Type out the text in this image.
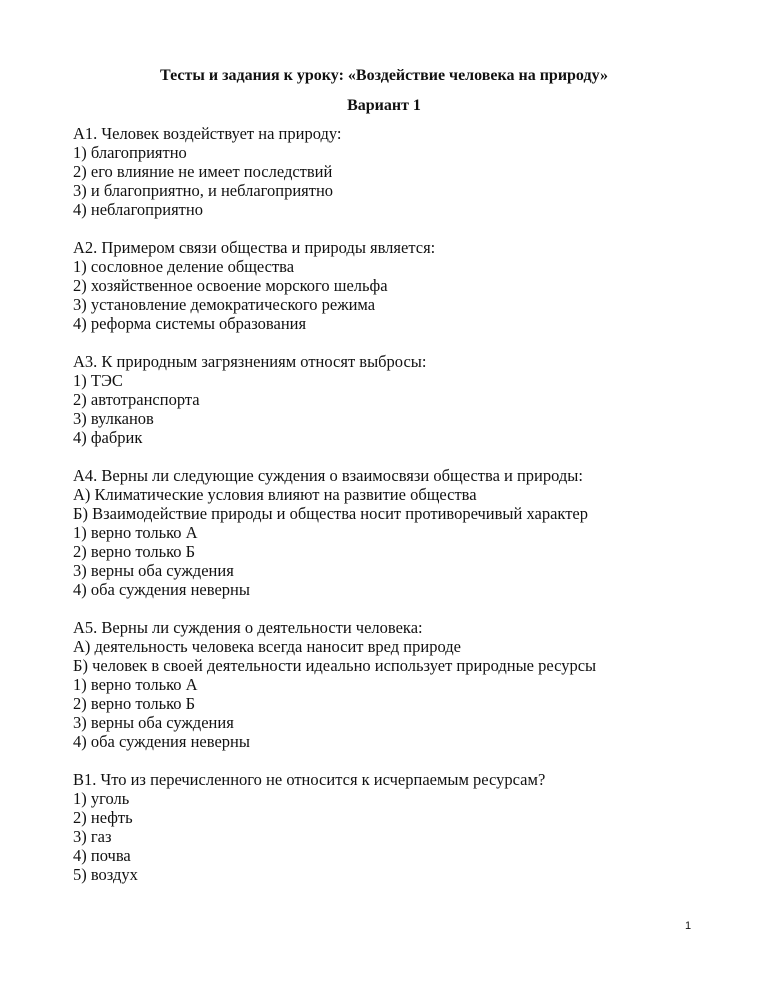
Тесты и задания к уроку: «Воздействие человека на природу»
Вариант 1
А1. Человек воздействует на природу:
1) благоприятно
2) его влияние не имеет последствий
3) и благоприятно, и неблагоприятно
4) неблагоприятно
А2. Примером связи общества и природы является:
1) сословное деление общества
2) хозяйственное освоение морского шельфа
3) установление демократического режима
4) реформа системы образования
А3. К природным загрязнениям относят выбросы:
1) ТЭС
2) автотранспорта
3) вулканов
4) фабрик
А4. Верны ли следующие суждения о взаимосвязи общества и природы:
А) Климатические условия влияют на развитие общества
Б) Взаимодействие природы и общества носит противоречивый характер
1) верно только А
2) верно только Б
3) верны оба суждения
4) оба суждения неверны
А5. Верны ли суждения о деятельности человека:
А) деятельность человека всегда наносит вред природе
Б) человек в своей деятельности идеально использует природные ресурсы
1) верно только А
2) верно только Б
3) верны оба суждения
4) оба суждения неверны
В1. Что из перечисленного не относится к исчерпаемым ресурсам?
1) уголь
2) нефть
3) газ
4) почва
5) воздух
1
